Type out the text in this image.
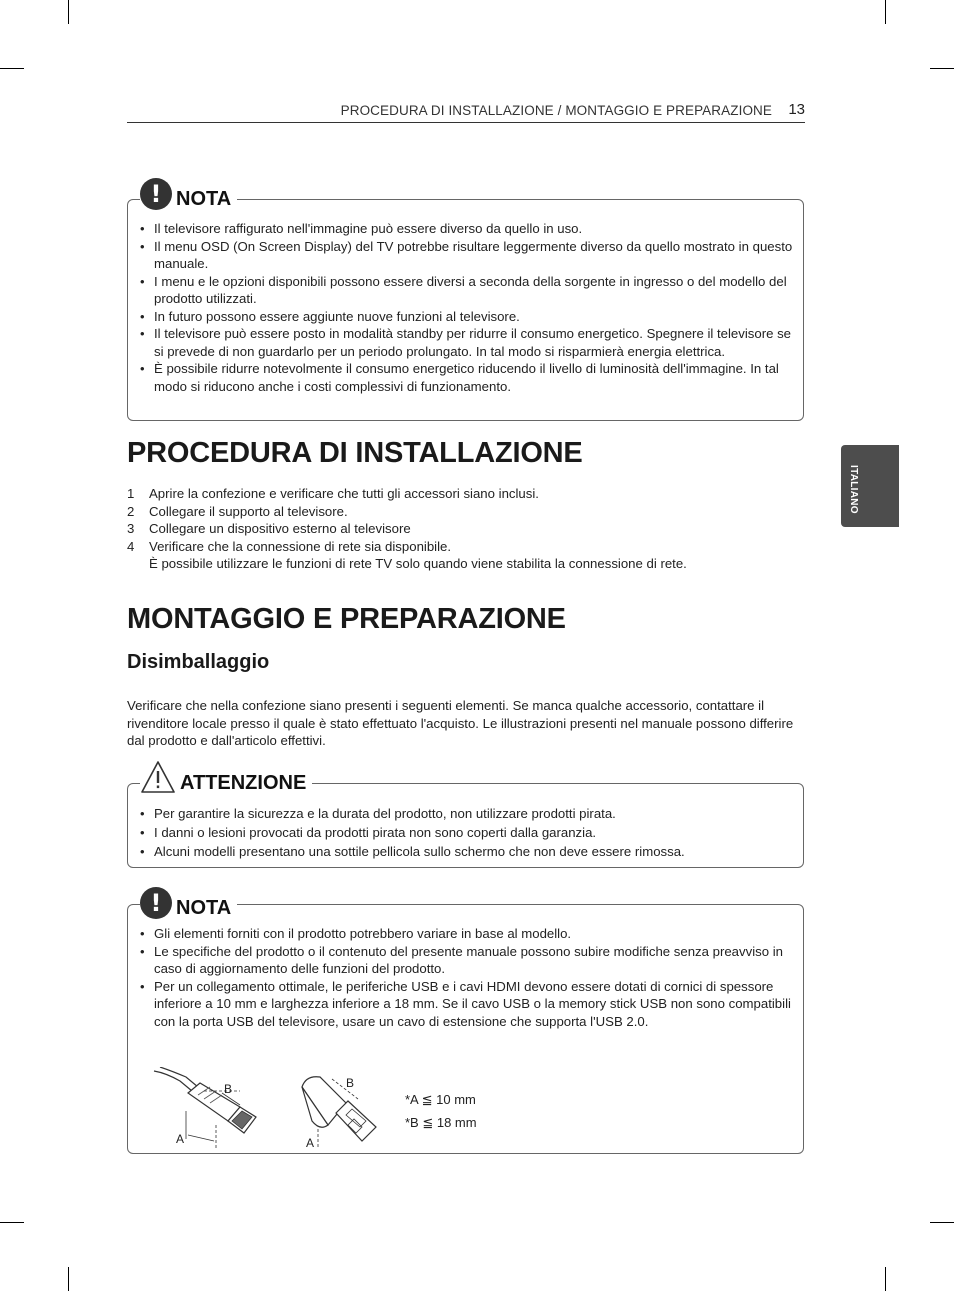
PROCEDURA DI INSTALLAZIONE / MONTAGGIO E PREPARAZIONE 13
ITALIANO
! NOTA
• Il televisore raffigurato nell'immagine può essere diverso da quello in uso.
• Il menu OSD (On Screen Display) del TV potrebbe risultare leggermente diverso da quello mostrato in questo manuale.
• I menu e le opzioni disponibili possono essere diversi a seconda della sorgente in ingresso o del modello del prodotto utilizzati.
• In futuro possono essere aggiunte nuove funzioni al televisore.
• Il televisore può essere posto in modalità standby per ridurre il consumo energetico. Spegnere il televisore se si prevede di non guardarlo per un periodo prolungato. In tal modo si risparmierà energia elettrica.
• È possibile ridurre notevolmente il consumo energetico riducendo il livello di luminosità dell'immagine. In tal modo si riducono anche i costi complessivi di funzionamento.
PROCEDURA DI INSTALLAZIONE
1 Aprire la confezione e verificare che tutti gli accessori siano inclusi.
2 Collegare il supporto al televisore.
3 Collegare un dispositivo esterno al televisore
4 Verificare che la connessione di rete sia disponibile.
È possibile utilizzare le funzioni di rete TV solo quando viene stabilita la connessione di rete.
MONTAGGIO E PREPARAZIONE
Disimballaggio

Verificare che nella confezione siano presenti i seguenti elementi. Se manca qualche accessorio, contattare il rivenditore locale presso il quale è stato effettuato l'acquisto. Le illustrazioni presenti nel manuale possono differire dal prodotto e dall'articolo effettivi.

ATTENZIONE
• Per garantire la sicurezza e la durata del prodotto, non utilizzare prodotti pirata.
• I danni o lesioni provocati da prodotti pirata non sono coperti dalla garanzia.
• Alcuni modelli presentano una sottile pellicola sullo schermo che non deve essere rimossa.
! NOTA
• Gli elementi forniti con il prodotto potrebbero variare in base al modello.
• Le specifiche del prodotto o il contenuto del presente manuale possono subire modifiche senza preavviso in caso di aggiornamento delle funzioni del prodotto.
• Per un collegamento ottimale, le periferiche USB e i cavi HDMI devono essere dotati di cornici di spessore inferiore a 10 mm e larghezza inferiore a 18 mm. Se il cavo USB o la memory stick USB non sono compatibili con la porta USB del televisore, usare un cavo di estensione che supporta l'USB 2.0.
B
A
B
A
*A ≦ 10 mm
*B ≦ 18 mm
